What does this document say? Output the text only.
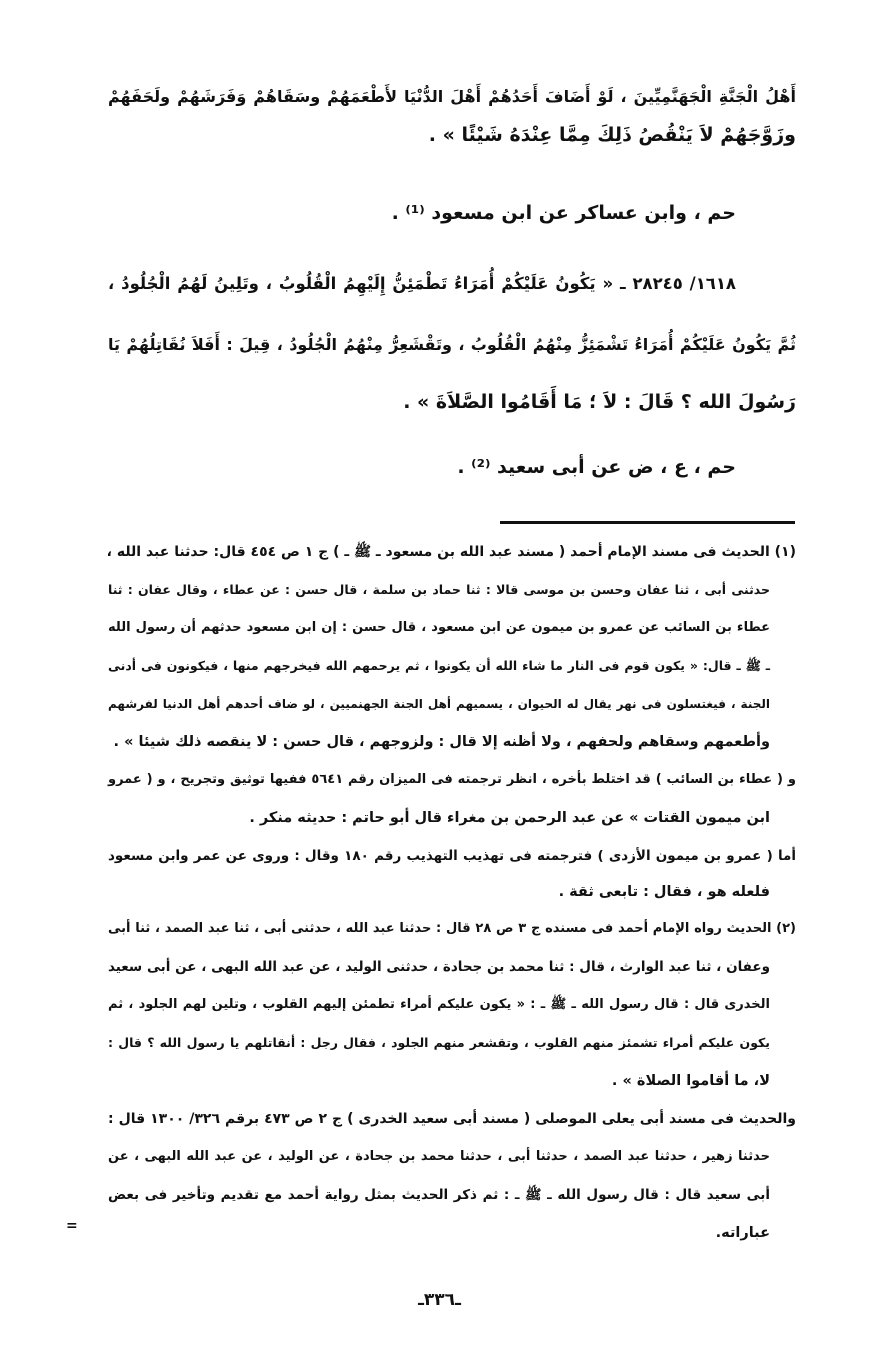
أَهْلُ الْجَنَّةِ الْجَهَنَّمِيِّينَ ، لَوْ أَضَافَ أَحَدُهُمْ أَهْلَ الدُّنْيَا لأَطْعَمَهُمْ وسَقَاهُمْ وَفَرَشَهُمْ ولَحَفَهُمْ
وزَوَّجَهُمْ لاَ يَنْقُصُ ذَلِكَ مِمَّا عِنْدَهُ شَيْئًا » .
حم ، وابن عساكر عن ابن مسعود ⁽¹⁾ .
١٦١٨/ ٢٨٢٤٥ ـ « يَكُونُ عَلَيْكُمْ أُمَرَاءُ تَطْمَئِنُّ إِلَيْهِمُ الْقُلُوبُ ، وتَلِينُ لَهُمُ الْجُلُودُ ،
ثُمَّ يَكُونُ عَلَيْكُمْ أُمَرَاءُ تَشْمَئِزُّ مِنْهُمُ الْقُلُوبُ ، وتَقْشَعِرُّ مِنْهُمُ الْجُلُودُ ، قِيلَ : أَفَلاَ نُقَاتِلُهُمْ يَا
رَسُولَ الله ؟ قَالَ : لاَ ؛ مَا أَقَامُوا الصَّلاَةَ » .
حم ، ع ، ض عن أبى سعيد ⁽²⁾ .
(١) الحديث فى مسند الإمام أحمد ( مسند عبد الله بن مسعود ـ ﷺ ـ ) ج ١ ص ٤٥٤ قال: حدثنا عبد الله ،
حدثنى أبى ، ثنا عفان وحسن بن موسى قالا : ثنا حماد بن سلمة ، قال حسن : عن عطاء ، وقال عفان : ثنا
عطاء بن السائب عن عمرو بن ميمون عن ابن مسعود ، قال حسن : إن ابن مسعود حدثهم أن رسول الله
ـ ﷺ ـ قال: « يكون قوم فى النار ما شاء الله أن يكونوا ، ثم يرحمهم الله فيخرجهم منها ، فيكونون فى أدنى
الجنة ، فيغتسلون فى نهر يقال له الحيوان ، يسميهم أهل الجنة الجهنميين ، لو ضاف أحدهم أهل الدنيا لفرشهم
وأطعمهم وسقاهم ولحفهم ، ولا أظنه إلا قال : ولزوجهم ، قال حسن : لا ينقصه ذلك شيئا » .
و ( عطاء بن السائب ) قد اختلط بأخره ، انظر ترجمته فى الميزان رقم ٥٦٤١ ففيها توثيق وتجريح ، و ( عمرو
ابن ميمون القتات » عن عبد الرحمن بن مغراء قال أبو حاتم : حديثه منكر .
أما ( عمرو بن ميمون الأزدى ) فترجمته فى تهذيب التهذيب رقم ١٨٠ وقال : وروى عن عمر وابن مسعود
فلعله هو ، فقال : تابعى ثقة .
(٢) الحديث رواه الإمام أحمد فى مسنده ج ٣ ص ٢٨ قال : حدثنا عبد الله ، حدثنى أبى ، ثنا عبد الصمد ، ثنا أبى
وعفان ، ثنا عبد الوارث ، قال : ثنا محمد بن جحادة ، حدثنى الوليد ، عن عبد الله البهى ، عن أبى سعيد
الخدرى قال : قال رسول الله ـ ﷺ ـ : « يكون عليكم أمراء تطمئن إليهم القلوب ، وتلين لهم الجلود ، ثم
يكون عليكم أمراء تشمئز منهم القلوب ، وتقشعر منهم الجلود ، فقال رجل : أنقاتلهم يا رسول الله ؟ قال :
لا، ما أقاموا الصلاة » .
والحديث فى مسند أبى يعلى الموصلى ( مسند أبى سعيد الخدرى ) ج ٢ ص ٤٧٣ برقم ٣٢٦/ ١٣٠٠ قال :
حدثنا زهير ، حدثنا عبد الصمد ، حدثنا أبى ، حدثنا محمد بن جحادة ، عن الوليد ، عن عبد الله البهى ، عن
أبى سعيد قال : قال رسول الله ـ ﷺ ـ : ثم ذكر الحديث بمثل رواية أحمد مع تقديم وتأخير فى بعض
عباراته.
=
ـ٣٣٦ـ
